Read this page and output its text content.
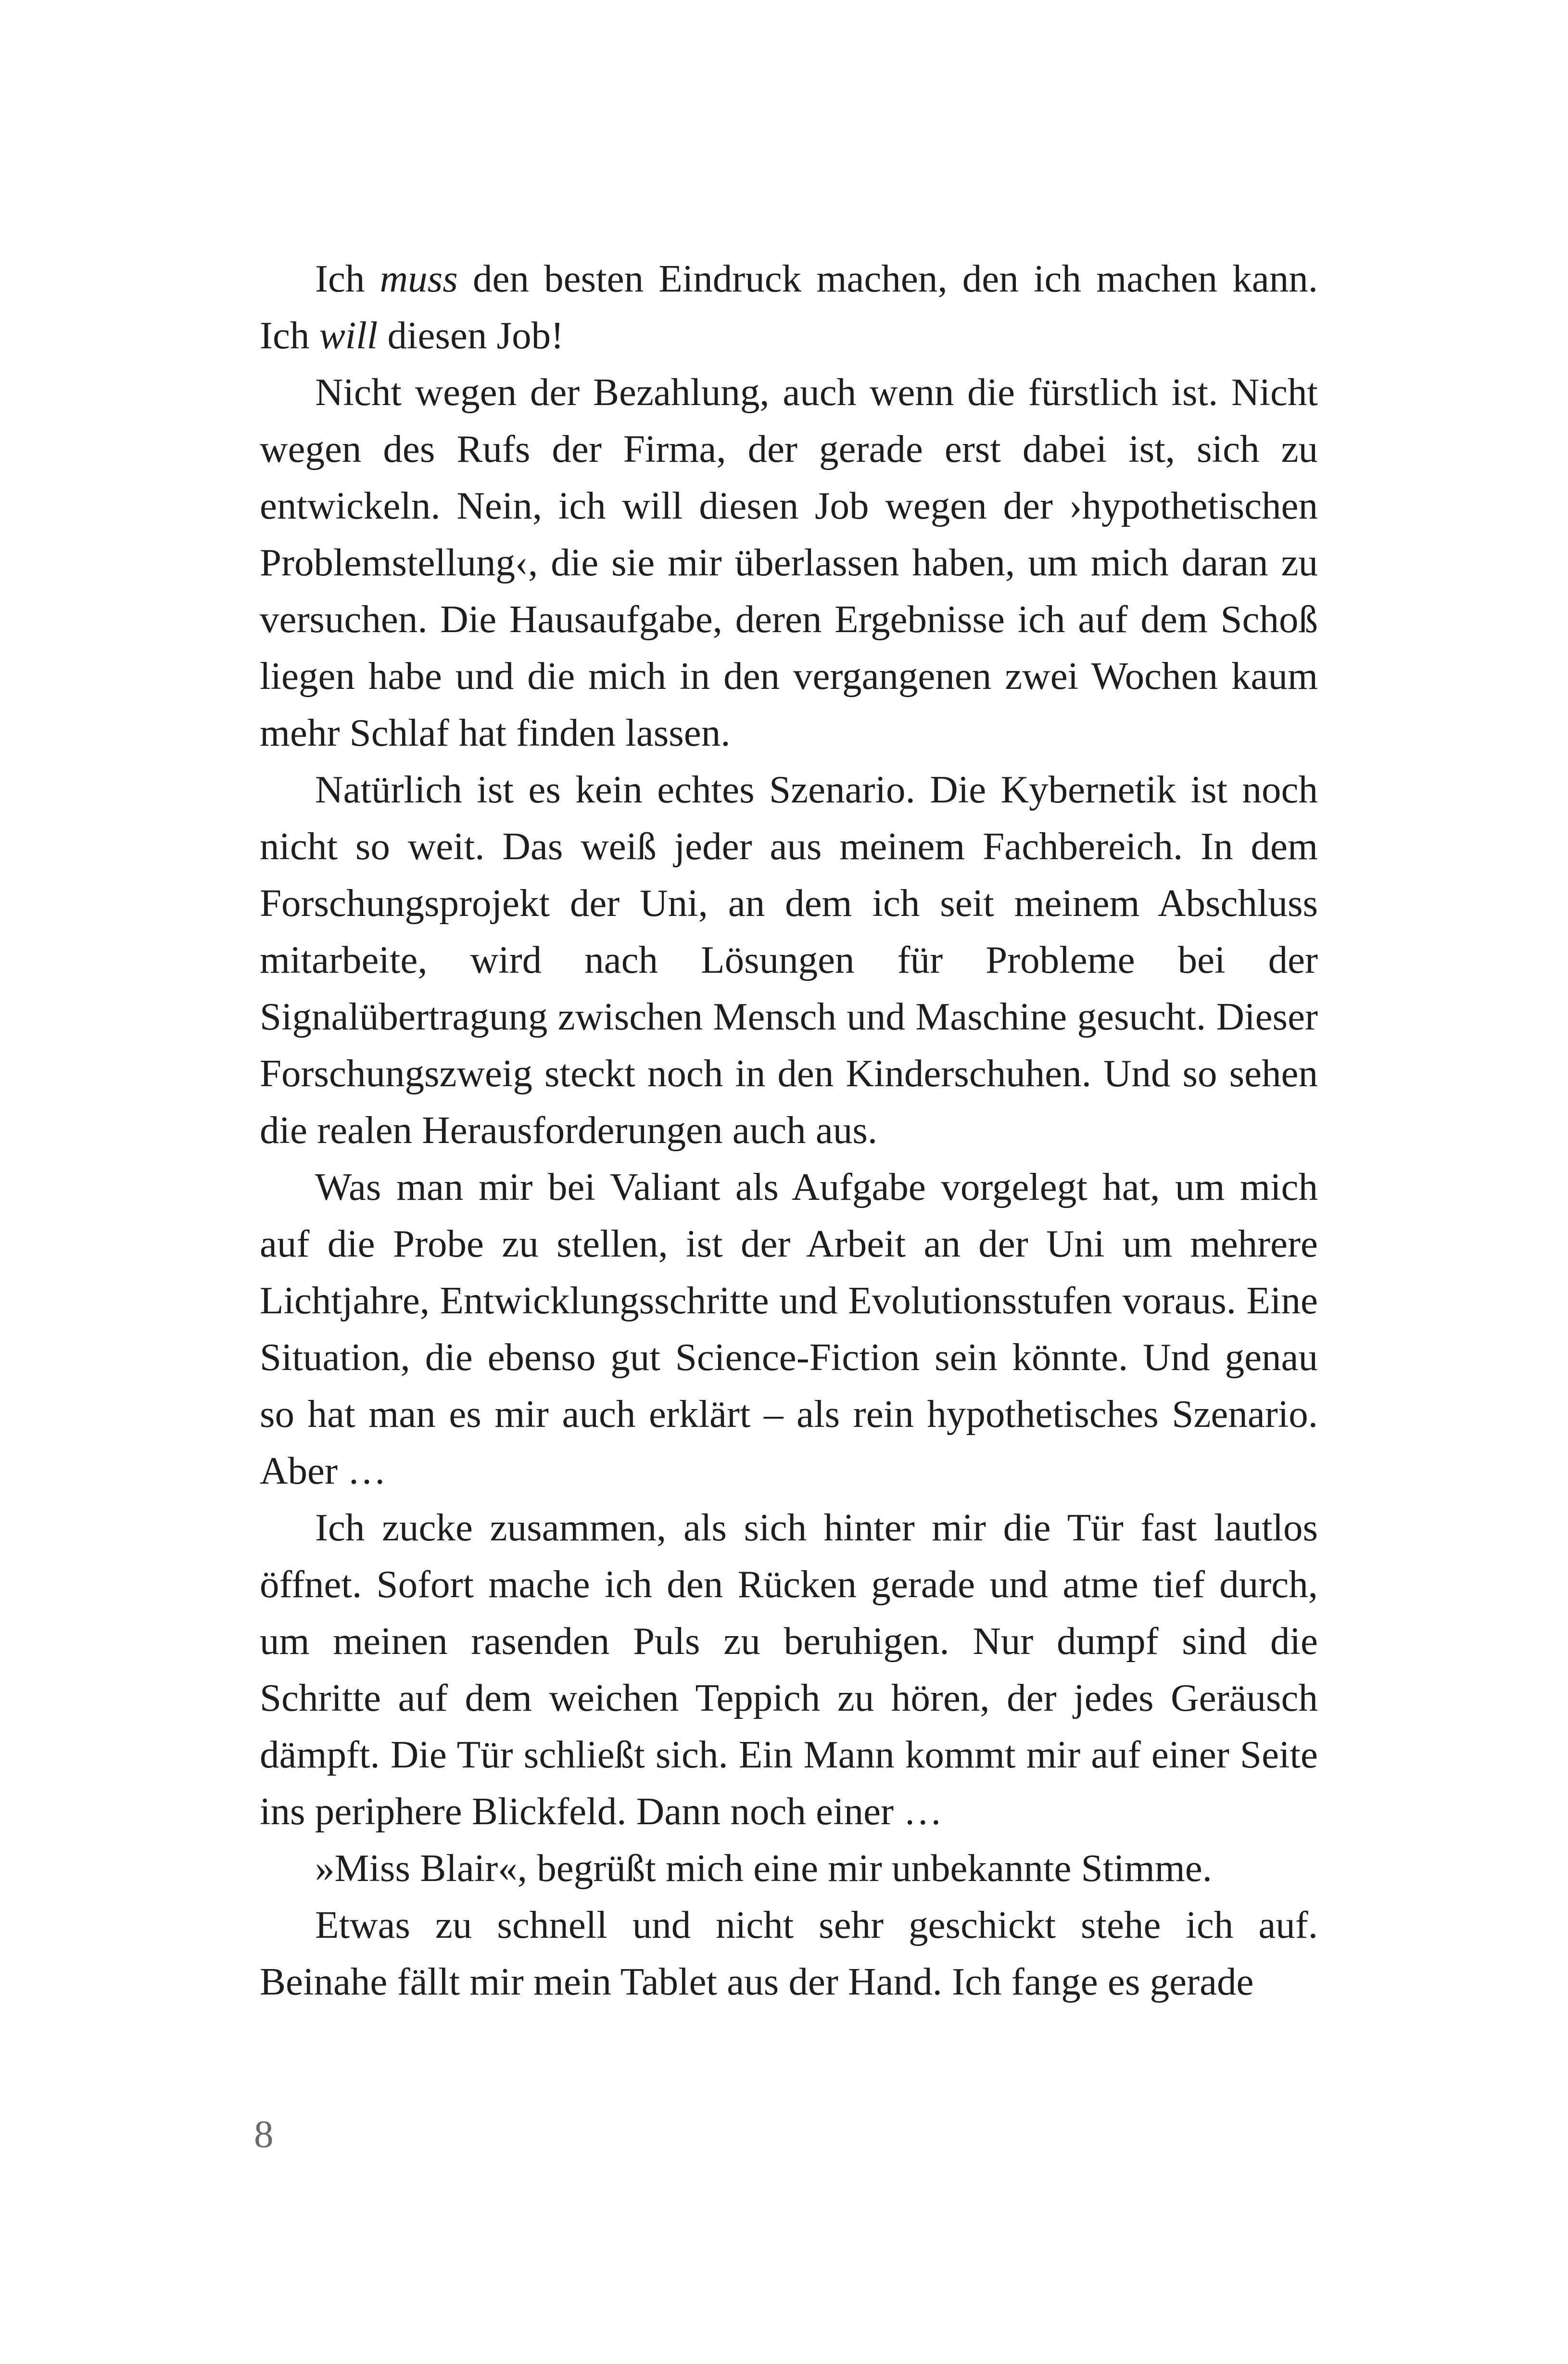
Ich muss den besten Eindruck machen, den ich machen kann. Ich will diesen Job!

Nicht wegen der Bezahlung, auch wenn die fürstlich ist. Nicht wegen des Rufs der Firma, der gerade erst dabei ist, sich zu entwickeln. Nein, ich will diesen Job wegen der ›hypothetischen Problemstellung‹, die sie mir überlassen haben, um mich daran zu versuchen. Die Hausaufgabe, deren Ergebnisse ich auf dem Schoß liegen habe und die mich in den vergangenen zwei Wochen kaum mehr Schlaf hat finden lassen.

Natürlich ist es kein echtes Szenario. Die Kybernetik ist noch nicht so weit. Das weiß jeder aus meinem Fachbereich. In dem Forschungsprojekt der Uni, an dem ich seit meinem Abschluss mitarbeite, wird nach Lösungen für Probleme bei der Signalübertragung zwischen Mensch und Maschine gesucht. Dieser Forschungszweig steckt noch in den Kinderschuhen. Und so sehen die realen Herausforderungen auch aus.

Was man mir bei Valiant als Aufgabe vorgelegt hat, um mich auf die Probe zu stellen, ist der Arbeit an der Uni um mehrere Lichtjahre, Entwicklungsschritte und Evolutionsstufen voraus. Eine Situation, die ebenso gut Science-Fiction sein könnte. Und genau so hat man es mir auch erklärt – als rein hypothetisches Szenario. Aber …

Ich zucke zusammen, als sich hinter mir die Tür fast lautlos öffnet. Sofort mache ich den Rücken gerade und atme tief durch, um meinen rasenden Puls zu beruhigen. Nur dumpf sind die Schritte auf dem weichen Teppich zu hören, der jedes Geräusch dämpft. Die Tür schließt sich. Ein Mann kommt mir auf einer Seite ins periphere Blickfeld. Dann noch einer …

»Miss Blair«, begrüßt mich eine mir unbekannte Stimme.

Etwas zu schnell und nicht sehr geschickt stehe ich auf. Beinahe fällt mir mein Tablet aus der Hand. Ich fange es gerade

8
